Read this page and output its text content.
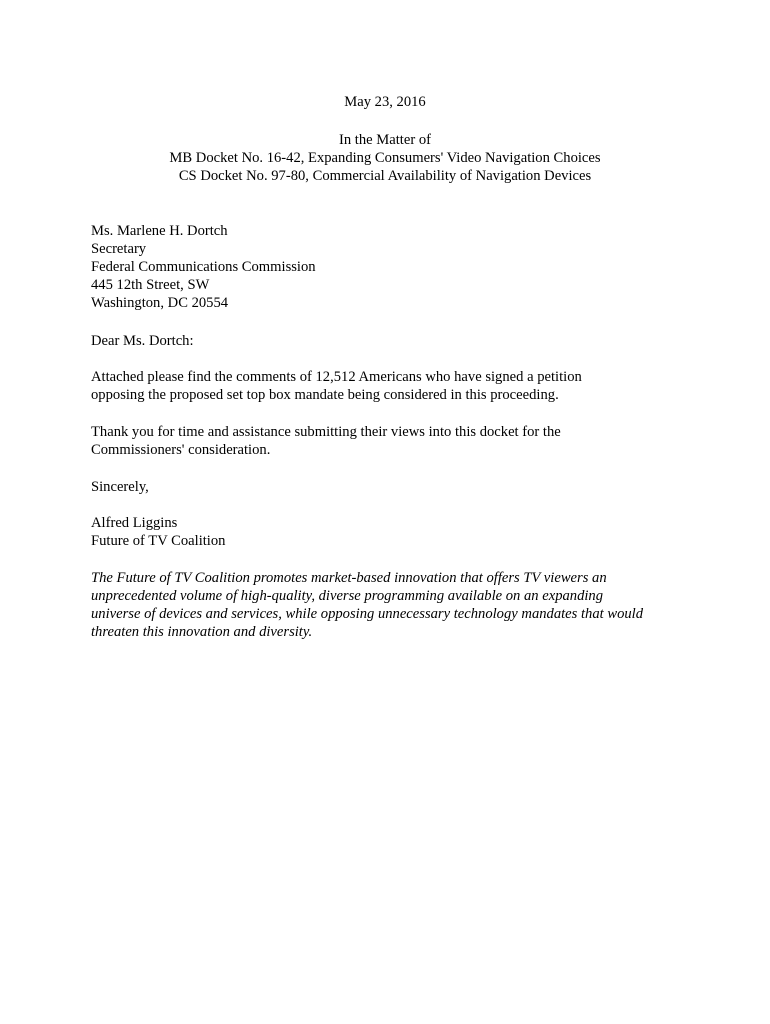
May 23, 2016
In the Matter of
MB Docket No. 16-42, Expanding Consumers' Video Navigation Choices
CS Docket No. 97-80, Commercial Availability of Navigation Devices
Ms. Marlene H. Dortch
Secretary
Federal Communications Commission
445 12th Street, SW
Washington, DC 20554
Dear Ms. Dortch:
Attached please find the comments of 12,512 Americans who have signed a petition
opposing the proposed set top box mandate being considered in this proceeding.
Thank you for time and assistance submitting their views into this docket for the
Commissioners' consideration.
Sincerely,
Alfred Liggins
Future of TV Coalition
The Future of TV Coalition promotes market-based innovation that offers TV viewers an
unprecedented volume of high-quality, diverse programming available on an expanding
universe of devices and services, while opposing unnecessary technology mandates that would
threaten this innovation and diversity.
